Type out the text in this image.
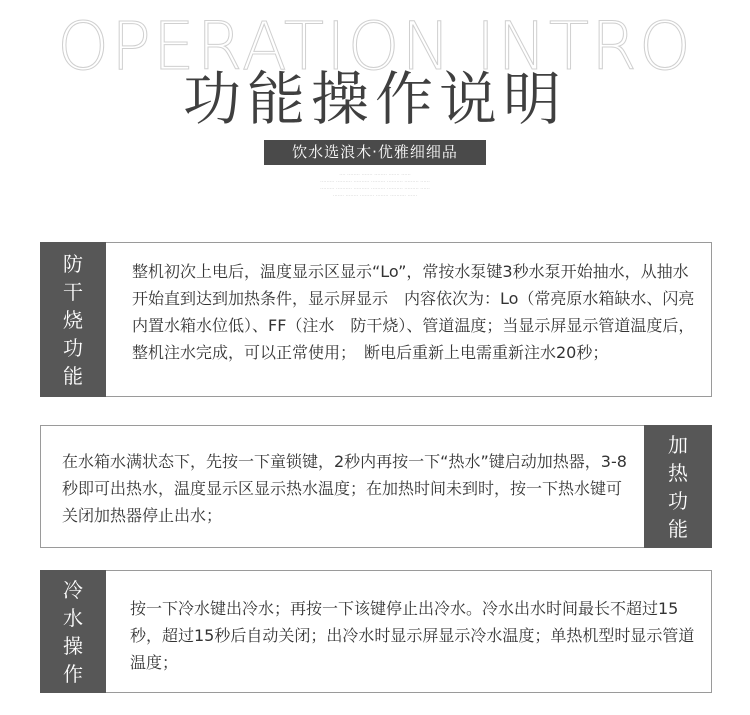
OPERATION INTRO
功能操作说明
饮水选浪木·优雅细细品
···· ········ ······· ········ ······· ······
········· ·········· ·········· ········· ·········· ········· ······
········· ·········· ·········· ········· ·········· ········· ······
······· ········ ········· ········ ·········· ······
防
干
烧
功
能
整机初次上电后，温度显示区显示“Lo”，常按水泵键3秒水泵开始抽水，从抽水开始直到达到加热条件，显示屏显示　内容依次为：Lo（常亮原水箱缺水、闪亮内置水箱水位低）、FF（注水　防干烧）、管道温度；当显示屏显示管道温度后，整机注水完成，可以正常使用；　断电后重新上电需重新注水20秒；
加
热
功
能
在水箱水满状态下，先按一下童锁键，2秒内再按一下“热水”键启动加热器，3-8秒即可出热水，温度显示区显示热水温度；在加热时间未到时，按一下热水键可关闭加热器停止出水；
冷
水
操
作
按一下冷水键出冷水；再按一下该键停止出冷水。冷水出水时间最长不超过15秒，超过15秒后自动关闭；出冷水时显示屏显示冷水温度；单热机型时显示管道温度；
